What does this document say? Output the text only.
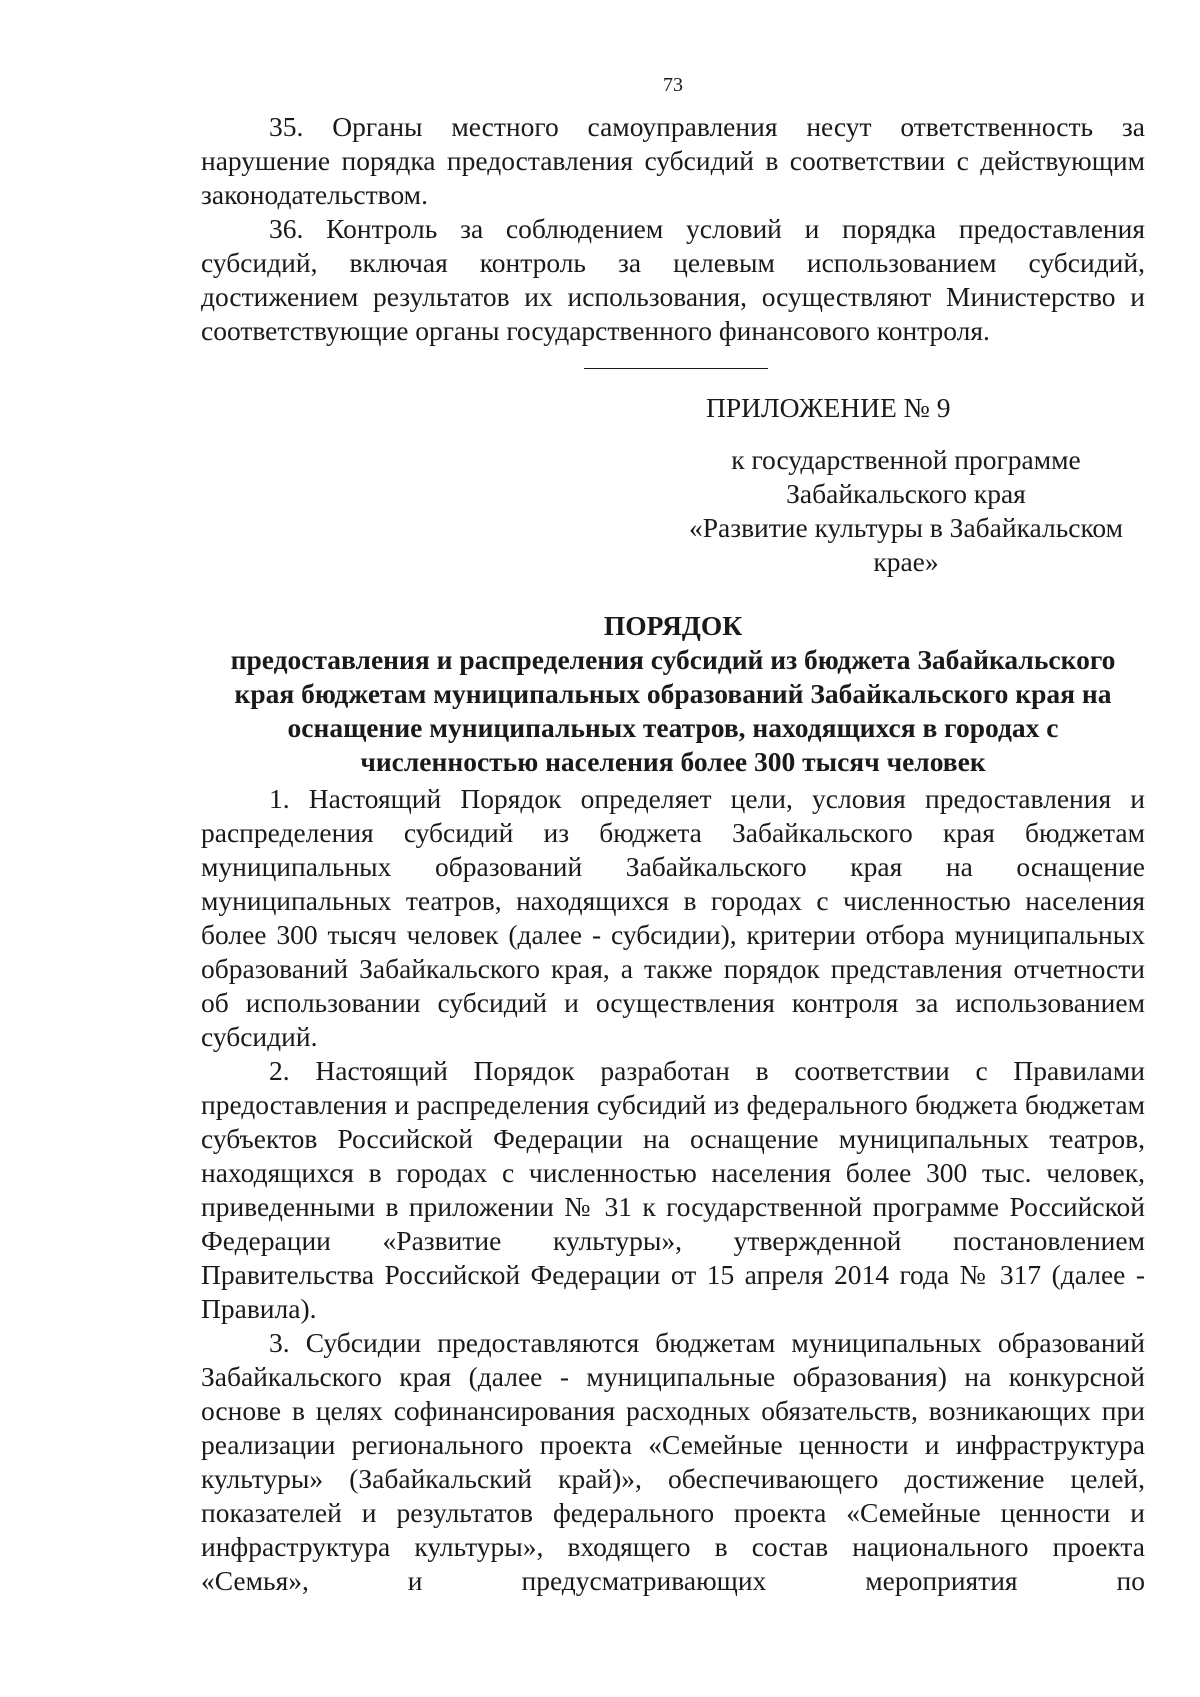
73

35. Органы местного самоуправления несут ответственность за нарушение порядка предоставления субсидий в соответствии с действующим законодательством.

36. Контроль за соблюдением условий и порядка предоставления субсидий, включая контроль за целевым использованием субсидий, достижением результатов их использования, осуществляют Министерство и соответствующие органы государственного финансового контроля.

ПРИЛОЖЕНИЕ № 9
к государственной программе
Забайкальского края
«Развитие культуры в Забайкальском
крае»
ПОРЯДОК
предоставления и распределения субсидий из бюджета Забайкальского
края бюджетам муниципальных образований Забайкальского края на
оснащение муниципальных театров, находящихся в городах с
численностью населения более 300 тысяч человек

1. Настоящий Порядок определяет цели, условия предоставления и распределения субсидий из бюджета Забайкальского края бюджетам муниципальных образований Забайкальского края на оснащение муниципальных театров, находящихся в городах с численностью населения более 300 тысяч человек (далее - субсидии), критерии отбора муниципальных образований Забайкальского края, а также порядок представления отчетности об использовании субсидий и осуществления контроля за использованием субсидий.

2. Настоящий Порядок разработан в соответствии с Правилами предоставления и распределения субсидий из федерального бюджета бюджетам субъектов Российской Федерации на оснащение муниципальных театров, находящихся в городах с численностью населения более 300 тыс. человек, приведенными в приложении № 31 к государственной программе Российской Федерации «Развитие культуры», утвержденной постановлением Правительства Российской Федерации от 15 апреля 2014 года № 317 (далее - Правила).

3. Субсидии предоставляются бюджетам муниципальных образований Забайкальского края (далее - муниципальные образования) на конкурсной основе в целях софинансирования расходных обязательств, возникающих при реализации регионального проекта «Семейные ценности и инфраструктура культуры» (Забайкальский край)», обеспечивающего достижение целей, показателей и результатов федерального проекта «Семейные ценности и инфраструктура культуры», входящего в состав национального проекта «Семья», и предусматривающих мероприятия по
